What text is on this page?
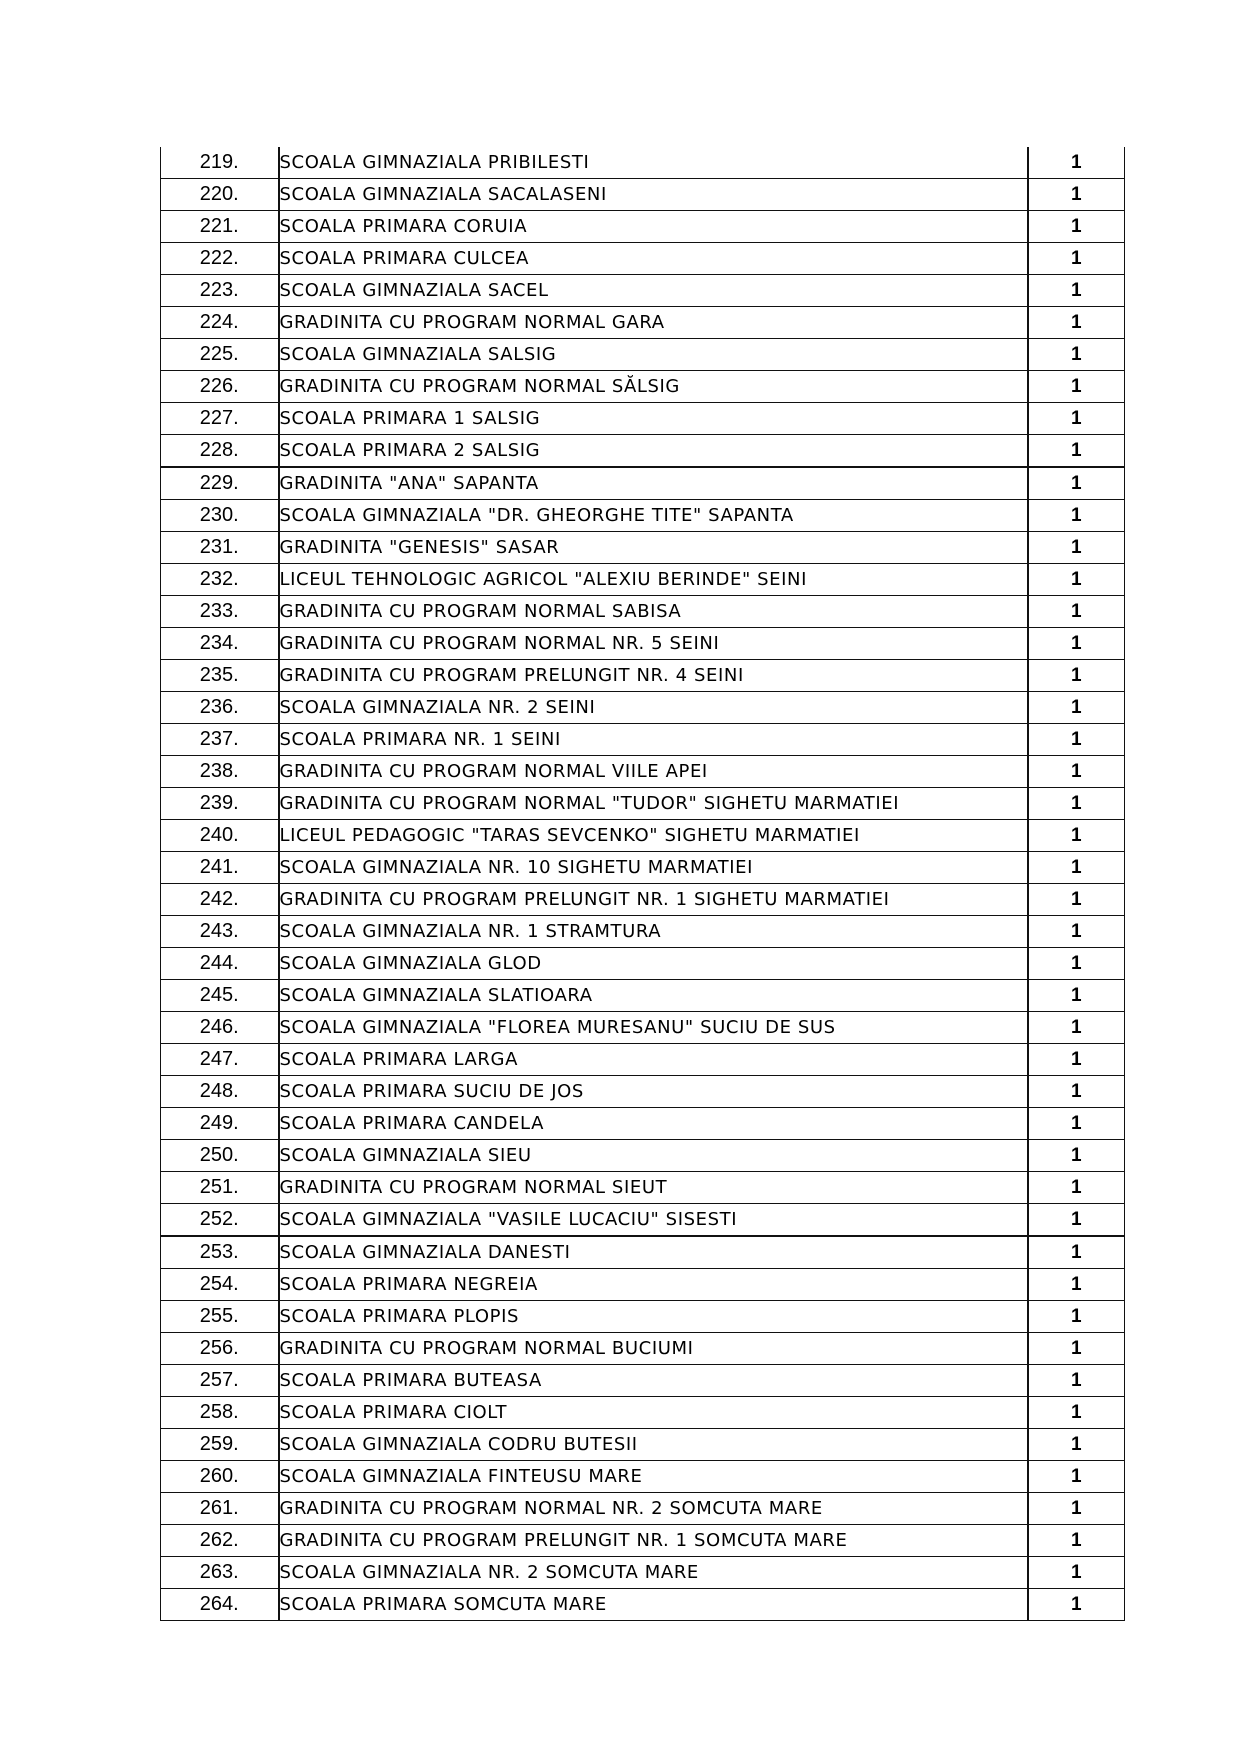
219.	SCOALA GIMNAZIALA PRIBILESTI	1
220.	SCOALA GIMNAZIALA SACALASENI	1
221.	SCOALA PRIMARA CORUIA	1
222.	SCOALA PRIMARA CULCEA	1
223.	SCOALA GIMNAZIALA SACEL	1
224.	GRADINITA CU PROGRAM NORMAL GARA	1
225.	SCOALA GIMNAZIALA SALSIG	1
226.	GRADINITA CU PROGRAM NORMAL SĂLSIG	1
227.	SCOALA PRIMARA 1 SALSIG	1
228.	SCOALA PRIMARA 2 SALSIG	1
229.	GRADINITA "ANA" SAPANTA	1
230.	SCOALA GIMNAZIALA "DR. GHEORGHE TITE" SAPANTA	1
231.	GRADINITA "GENESIS" SASAR	1
232.	LICEUL TEHNOLOGIC AGRICOL "ALEXIU BERINDE" SEINI	1
233.	GRADINITA CU PROGRAM NORMAL SABISA	1
234.	GRADINITA CU PROGRAM NORMAL NR. 5 SEINI	1
235.	GRADINITA CU PROGRAM PRELUNGIT NR. 4 SEINI	1
236.	SCOALA GIMNAZIALA NR. 2 SEINI	1
237.	SCOALA PRIMARA NR. 1 SEINI	1
238.	GRADINITA CU PROGRAM NORMAL VIILE APEI	1
239.	GRADINITA CU PROGRAM NORMAL "TUDOR" SIGHETU MARMATIEI	1
240.	LICEUL PEDAGOGIC "TARAS SEVCENKO" SIGHETU MARMATIEI	1
241.	SCOALA GIMNAZIALA NR. 10 SIGHETU MARMATIEI	1
242.	GRADINITA CU PROGRAM PRELUNGIT NR. 1 SIGHETU MARMATIEI	1
243.	SCOALA GIMNAZIALA NR. 1 STRAMTURA	1
244.	SCOALA GIMNAZIALA GLOD	1
245.	SCOALA GIMNAZIALA SLATIOARA	1
246.	SCOALA GIMNAZIALA "FLOREA MURESANU" SUCIU DE SUS	1
247.	SCOALA PRIMARA LARGA	1
248.	SCOALA PRIMARA SUCIU DE JOS	1
249.	SCOALA PRIMARA CANDELA	1
250.	SCOALA GIMNAZIALA SIEU	1
251.	GRADINITA CU PROGRAM NORMAL SIEUT	1
252.	SCOALA GIMNAZIALA "VASILE LUCACIU" SISESTI	1
253.	SCOALA GIMNAZIALA DANESTI	1
254.	SCOALA PRIMARA NEGREIA	1
255.	SCOALA PRIMARA PLOPIS	1
256.	GRADINITA CU PROGRAM NORMAL BUCIUMI	1
257.	SCOALA PRIMARA BUTEASA	1
258.	SCOALA PRIMARA CIOLT	1
259.	SCOALA GIMNAZIALA CODRU BUTESII	1
260.	SCOALA GIMNAZIALA FINTEUSU MARE	1
261.	GRADINITA CU PROGRAM NORMAL NR. 2 SOMCUTA MARE	1
262.	GRADINITA CU PROGRAM PRELUNGIT NR. 1 SOMCUTA MARE	1
263.	SCOALA GIMNAZIALA NR. 2 SOMCUTA MARE	1
264.	SCOALA PRIMARA SOMCUTA MARE	1
